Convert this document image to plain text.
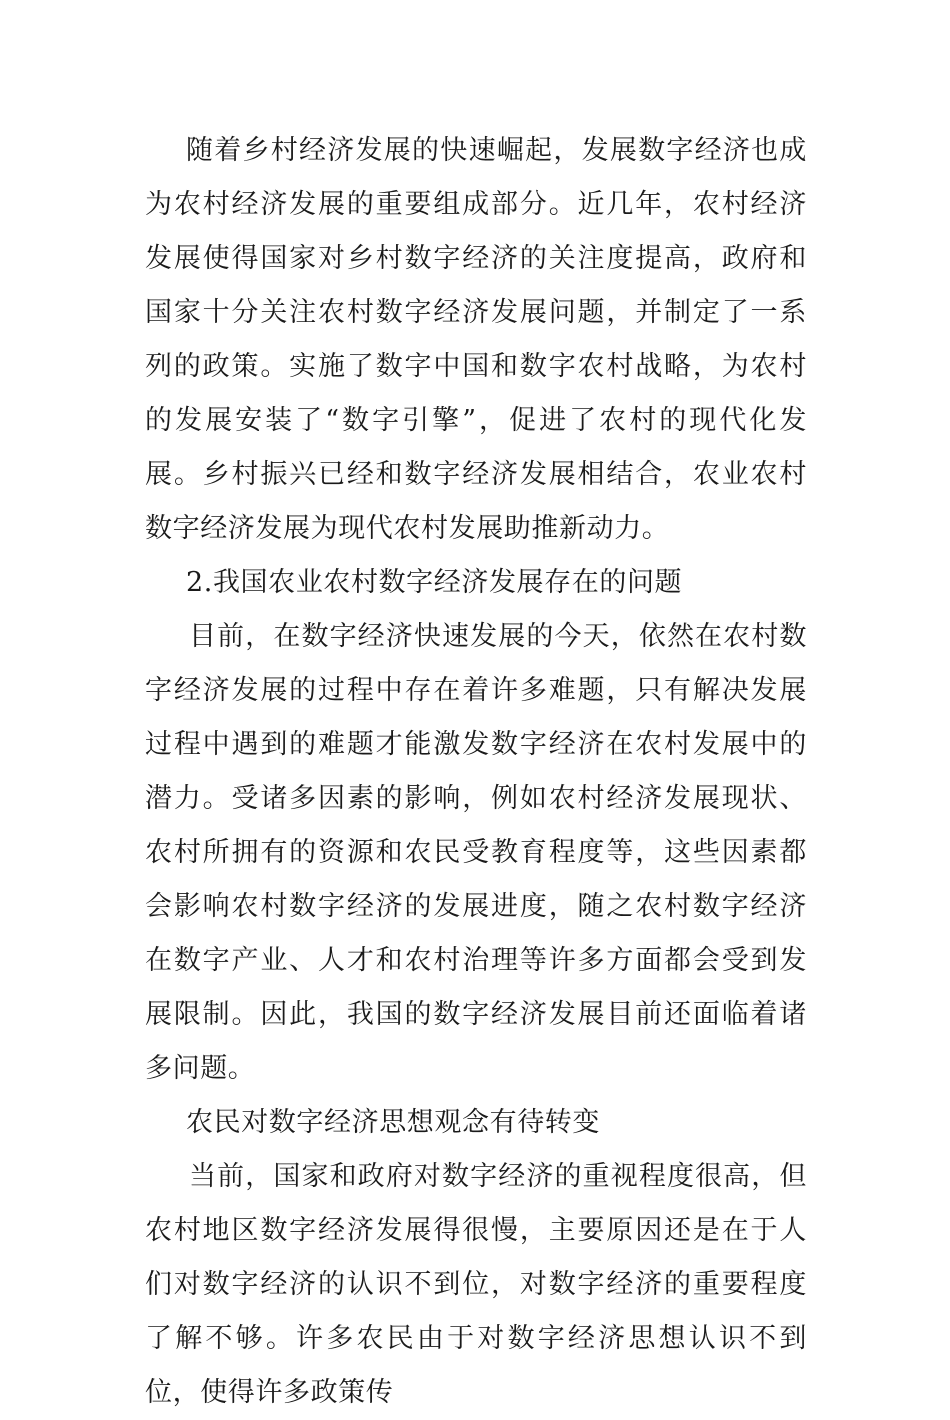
随着乡村经济发展的快速崛起，发展数字经济也成为农村经济发展的重要组成部分。近几年，农村经济发展使得国家对乡村数字经济的关注度提高，政府和国家十分关注农村数字经济发展问题，并制定了一系列的政策。实施了数字中国和数字农村战略，为农村的发展安装了“数字引擎”，促进了农村的现代化发展。乡村振兴已经和数字经济发展相结合，农业农村数字经济发展为现代农村发展助推新动力。

2.我国农业农村数字经济发展存在的问题

目前，在数字经济快速发展的今天，依然在农村数字经济发展的过程中存在着许多难题，只有解决发展过程中遇到的难题才能激发数字经济在农村发展中的潜力。受诸多因素的影响，例如农村经济发展现状、农村所拥有的资源和农民受教育程度等，这些因素都会影响农村数字经济的发展进度，随之农村数字经济在数字产业、人才和农村治理等许多方面都会受到发展限制。因此，我国的数字经济发展目前还面临着诸多问题。

农民对数字经济思想观念有待转变

当前，国家和政府对数字经济的重视程度很高，但农村地区数字经济发展得很慢，主要原因还是在于人们对数字经济的认识不到位，对数字经济的重要程度了解不够。许多农民由于对数字经济思想认识不到位，使得许多政策传
